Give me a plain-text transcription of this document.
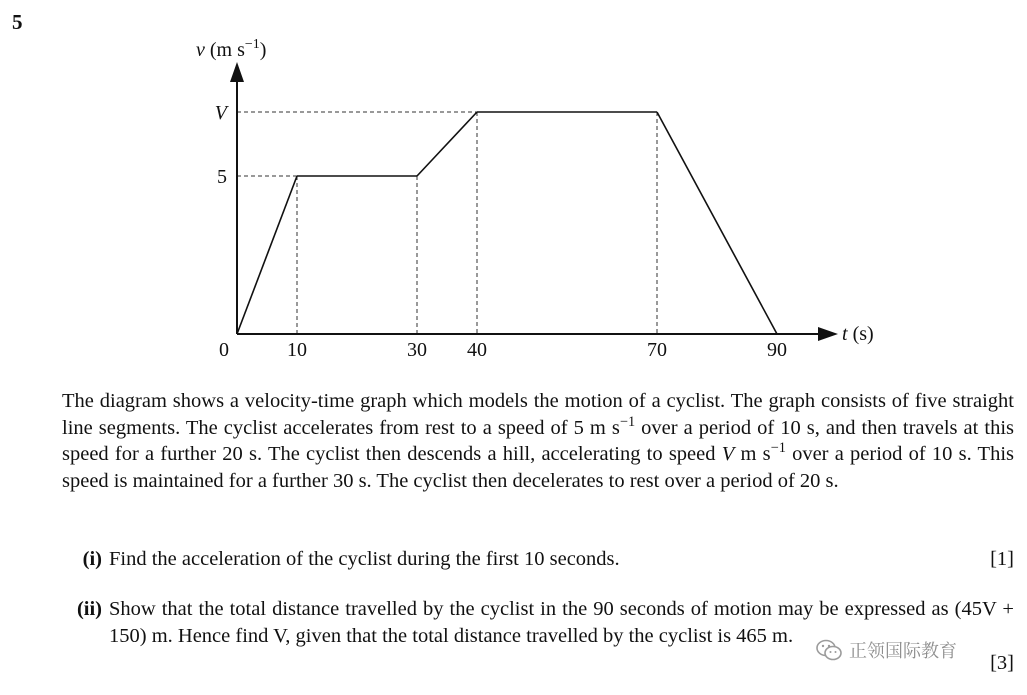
5
v (m $s^{-1}$)
t (s)
0	10	30 40	70	90
5
V

The diagram shows a velocity-time graph which models the motion of a cyclist. The graph consists of five straight line segments. The cyclist accelerates from rest to a speed of 5 m $s^{-1}$ over a period of 10 s, and then travels at this speed for a further 20 s. The cyclist then descends a hill, accelerating to speed V m $s^{-1}$ over a period of 10 s. This speed is maintained for a further 30 s. The cyclist then decelerates to rest over a period of 20 s.

(i) Find the acceleration of the cyclist during the first 10 seconds.	[1]
(ii) Show that the total distance travelled by the cyclist in the 90 seconds of motion may be expressed as (45V + 150) m. Hence find V, given that the total distance travelled by the cyclist is 465 m.
[3]
正领国际教育
